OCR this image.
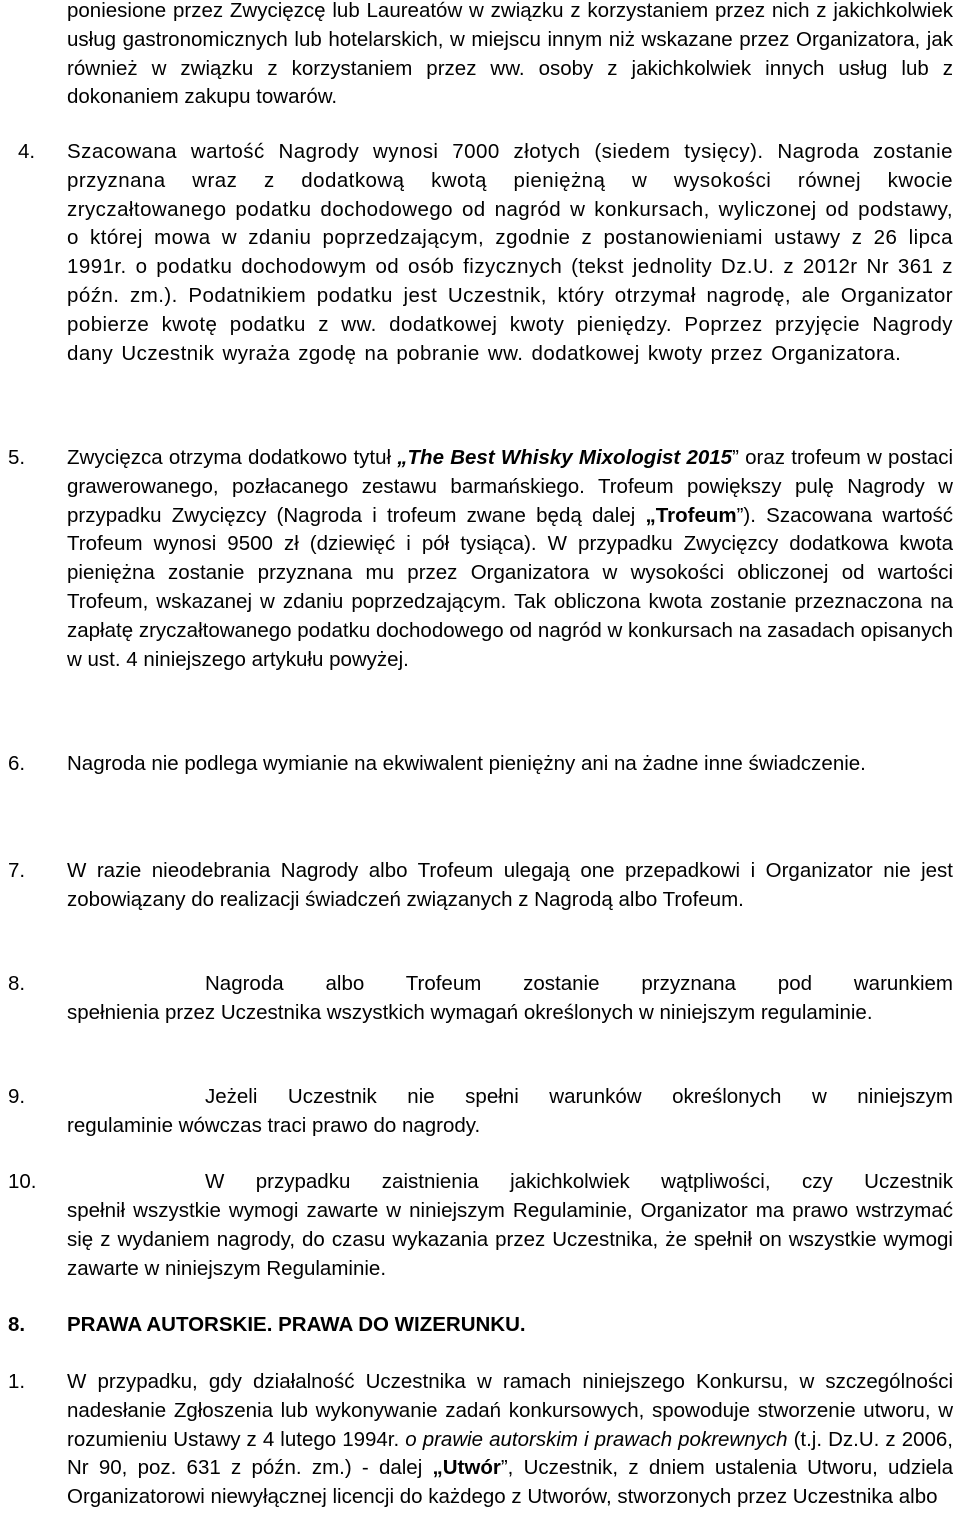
poniesione przez Zwycięzcę lub Laureatów w związku z korzystaniem przez nich z jakichkolwiek usług gastronomicznych lub hotelarskich, w miejscu innym niż wskazane przez Organizatora, jak również w związku z korzystaniem przez ww. osoby z jakichkolwiek innych usług lub z dokonaniem zakupu towarów.
4. Szacowana wartość Nagrody wynosi 7000 złotych (siedem tysięcy). Nagroda zostanie przyznana wraz z dodatkową kwotą pieniężną w wysokości równej kwocie zryczałtowanego podatku dochodowego od nagród w konkursach, wyliczonej od podstawy, o której mowa w zdaniu poprzedzającym, zgodnie z postanowieniami ustawy z 26 lipca 1991r. o podatku dochodowym od osób fizycznych (tekst jednolity Dz.U. z 2012r Nr 361 z późn. zm.). Podatnikiem podatku jest Uczestnik, który otrzymał nagrodę, ale Organizator pobierze kwotę podatku z ww. dodatkowej kwoty pieniędzy. Poprzez przyjęcie Nagrody dany Uczestnik wyraża zgodę na pobranie ww. dodatkowej kwoty przez Organizatora.
5. Zwycięzca otrzyma dodatkowo tytuł „The Best Whisky Mixologist 2015” oraz trofeum w postaci grawerowanego, pozłacanego zestawu barmańskiego. Trofeum powiększy pulę Nagrody w przypadku Zwycięzcy (Nagroda i trofeum zwane będą dalej „Trofeum”). Szacowana wartość Trofeum wynosi 9500 zł (dziewięć i pół tysiąca). W przypadku Zwycięzcy dodatkowa kwota pieniężna zostanie przyznana mu przez Organizatora w wysokości obliczonej od wartości Trofeum, wskazanej w zdaniu poprzedzającym. Tak obliczona kwota zostanie przeznaczona na zapłatę zryczałtowanego podatku dochodowego od nagród w konkursach na zasadach opisanych w ust. 4 niniejszego artykułu powyżej.
6. Nagroda nie podlega wymianie na ekwiwalent pieniężny ani na żadne inne świadczenie.
7. W razie nieodebrania Nagrody albo Trofeum ulegają one przepadkowi i Organizator nie jest zobowiązany do realizacji świadczeń związanych z Nagrodą albo Trofeum.
8.	Nagroda albo Trofeum zostanie przyznana pod warunkiem
spełnienia przez Uczestnika wszystkich wymagań określonych w niniejszym regulaminie.
9.	Jeżeli Uczestnik nie spełni warunków określonych w niniejszym
regulaminie wówczas traci prawo do nagrody.
10.	W przypadku zaistnienia jakichkolwiek wątpliwości, czy Uczestnik
spełnił wszystkie wymogi zawarte w niniejszym Regulaminie, Organizator ma prawo wstrzymać się z wydaniem nagrody, do czasu wykazania przez Uczestnika, że spełnił on wszystkie wymogi zawarte w niniejszym Regulaminie.
8. PRAWA AUTORSKIE. PRAWA DO WIZERUNKU.
1. W przypadku, gdy działalność Uczestnika w ramach niniejszego Konkursu, w szczególności nadesłanie Zgłoszenia lub wykonywanie zadań konkursowych, spowoduje stworzenie utworu, w rozumieniu Ustawy z 4 lutego 1994r. o prawie autorskim i prawach pokrewnych (t.j. Dz.U. z 2006, Nr 90, poz. 631 z późn. zm.) - dalej „Utwór”, Uczestnik, z dniem ustalenia Utworu, udziela Organizatorowi niewyłącznej licencji do każdego z Utworów, stworzonych przez Uczestnika albo
